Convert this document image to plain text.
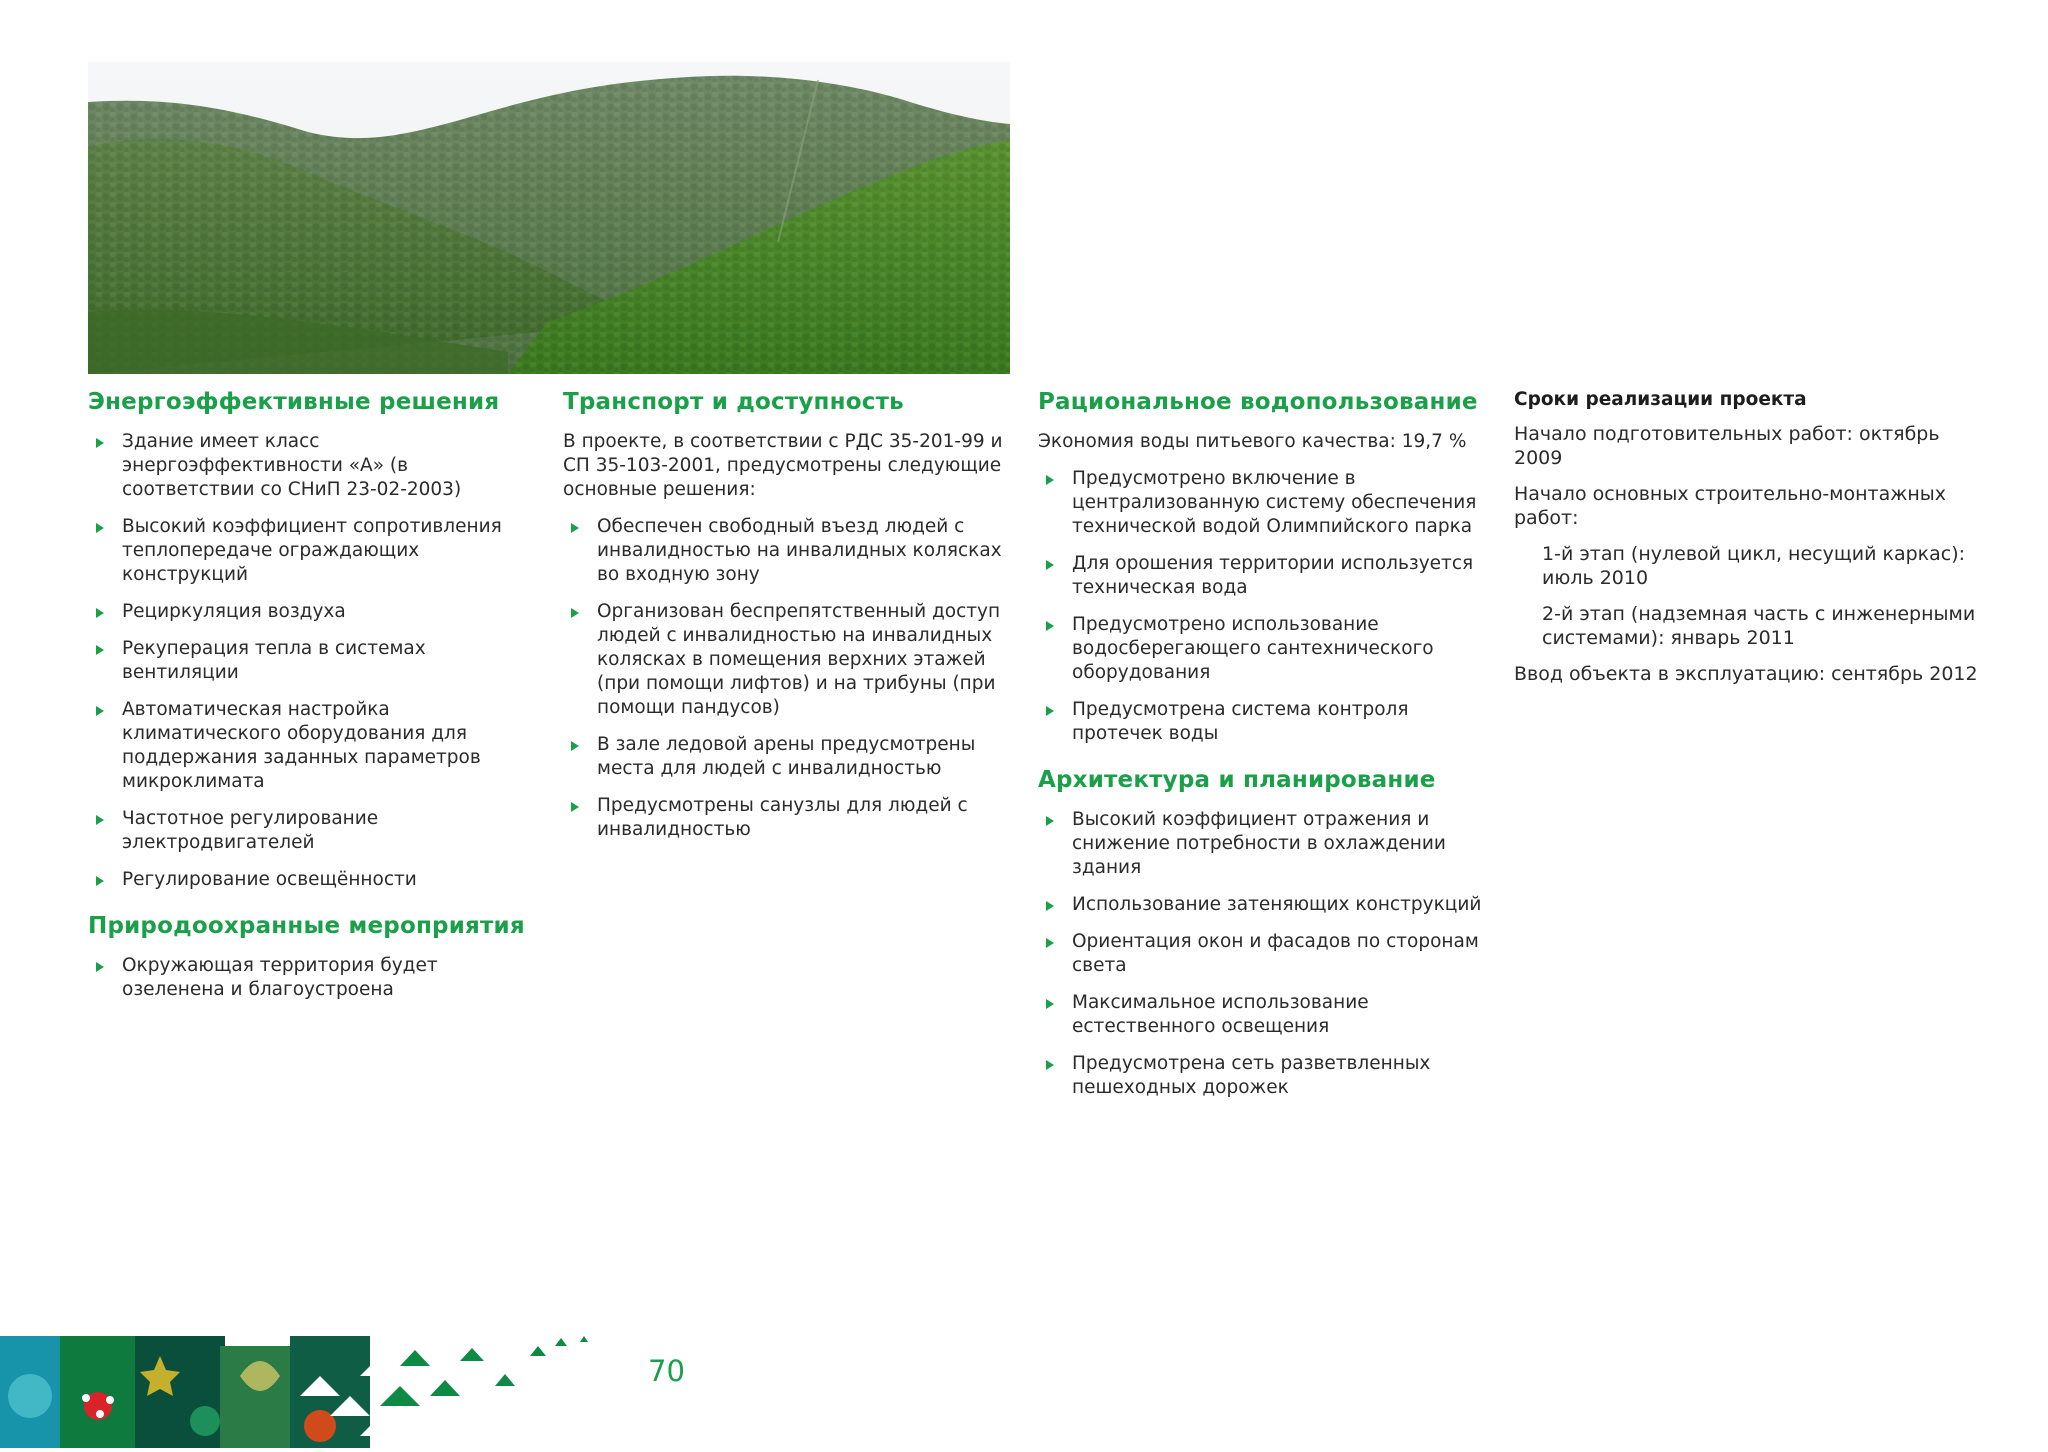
Энергоэффективные решения
Здание имеет класс энергоэффективности «А» (в соответствии со СНиП 23-02-2003)
Высокий коэффициент сопротивления теплопередаче ограждающих конструкций
Рециркуляция воздуха
Рекуперация тепла в системах вентиляции
Автоматическая настройка климатического оборудования для поддержания заданных параметров микроклимата
Частотное регулирование электродвигателей
Регулирование освещённости
Природоохранные мероприятия
Окружающая территория будет озеленена и благоустроена
Транспорт и доступность

В проекте, в соответствии с РДС 35-201-99 и СП 35-103-2001, предусмотрены следующие основные решения:

Обеспечен свободный въезд людей с инвалидностью на инвалидных колясках во входную зону
Организован беспрепятственный доступ людей с инвалидностью на инвалидных колясках в помещения верхних этажей (при помощи лифтов) и на трибуны (при помощи пандусов)
В зале ледовой арены предусмотрены места для людей с инвалидностью
Предусмотрены санузлы для людей с инвалидностью
Рациональное водопользование

Экономия воды питьевого качества: 19,7 %

Предусмотрено включение в централизованную систему обеспечения технической водой Олимпийского парка
Для орошения территории используется техническая вода
Предусмотрено использование водосберегающего сантехнического оборудования
Предусмотрена система контроля протечек воды
Архитектура и планирование
Высокий коэффициент отражения и снижение потребности в охлаждении здания
Использование затеняющих конструкций
Ориентация окон и фасадов по сторонам света
Максимальное использование естественного освещения
Предусмотрена сеть разветвленных пешеходных дорожек
Сроки реализации проекта

Начало подготовительных работ: октябрь 2009

Начало основных строительно-монтажных работ:

1-й этап (нулевой цикл, несущий каркас): июль 2010

2-й этап (надземная часть с инженерными системами): январь 2011

Ввод объекта в эксплуатацию: сентябрь 2012

70
